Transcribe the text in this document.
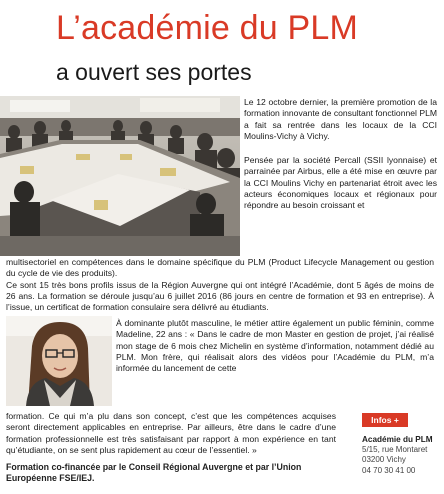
L’académie du PLM
a ouvert ses portes

Le 12 octobre dernier, la première promotion de la formation innovante de consultant fonctionnel PLM a fait sa rentrée dans les locaux de la CCI Moulins-Vichy à Vichy.

Pensée par la société Percall (SSII lyonnaise) et parrainée par Airbus, elle a été mise en œuvre par la CCI Moulins Vichy en partenariat étroit avec les acteurs économiques locaux et régionaux pour répondre au besoin croissant et

multisectoriel en compétences dans le domaine spécifique du PLM (Product Lifecycle Management ou gestion du cycle de vie des produits).
Ce sont 15 très bons profils issus de la Région Auvergne qui ont intégré l’Académie, dont 5 âgés de moins de 26 ans. La formation se déroule jusqu’au 6 juillet 2016 (86 jours en centre de formation et 93 en entreprise). À l’issue, un certificat de formation consulaire sera délivré au étudiants.

À dominante plutôt masculine, le métier attire également un public féminin, comme Madeline, 22 ans : « Dans le cadre de mon Master en gestion de projet, j’ai réalisé mon stage de 6 mois chez Michelin en système d’information, notamment dédié au PLM. Mon frère, qui réalisait alors des vidéos pour l’Académie du PLM, m’a informée du lancement de cette

formation. Ce qui m’a plu dans son concept, c’est que les compétences acquises seront directement applicables en entreprise. Par ailleurs, être dans le cadre d’une formation professionnelle est très satisfaisant par rapport à mon expérience en tant qu’étudiante, on se sent plus rapidement au cœur de l’essentiel. »

Formation co-financée par le Conseil Régional Auvergne et par l’Union Européenne FSE/IEJ.

Infos +
Académie du PLM
5/15, rue Montaret
03200 Vichy
04 70 30 41 00
